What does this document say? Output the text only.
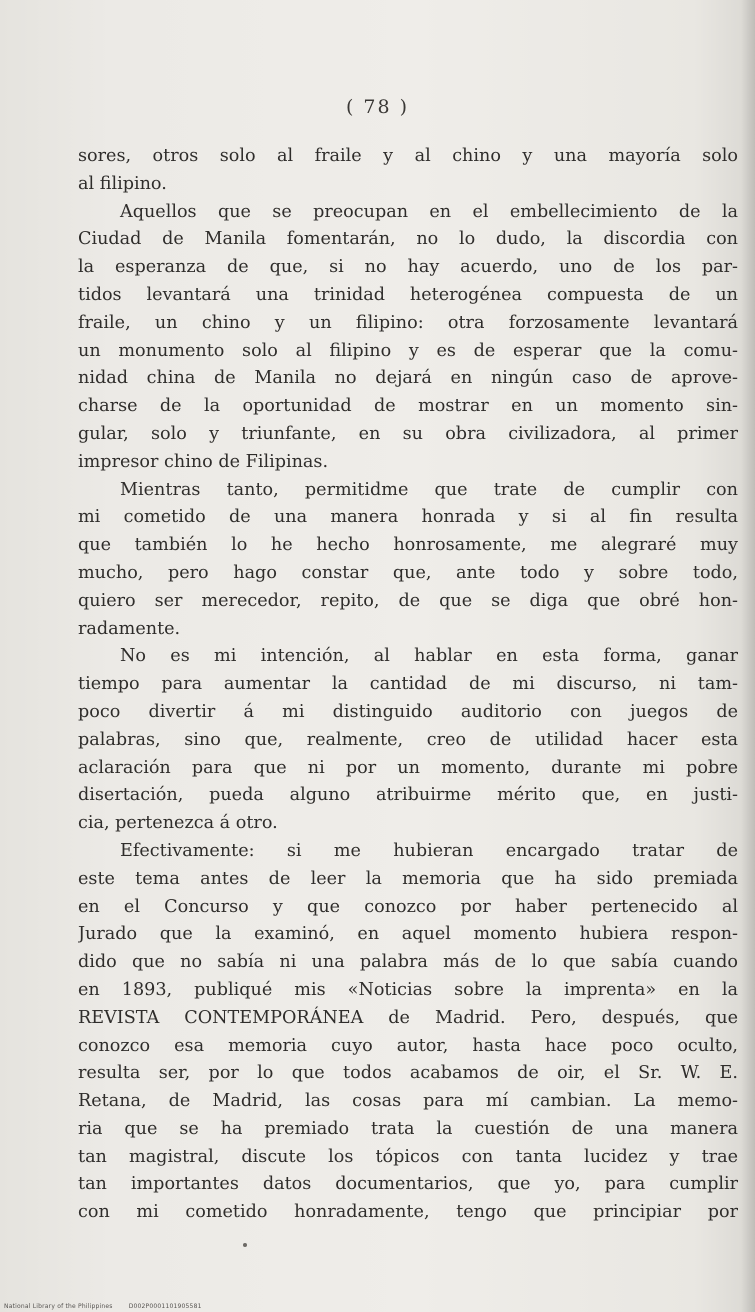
( 78 )
sores, otros solo al fraile y al chino y una mayoría solo
al filipino.
Aquellos que se preocupan en el embellecimiento de la
Ciudad de Manila fomentarán, no lo dudo, la discordia con
la esperanza de que, si no hay acuerdo, uno de los par-
tidos levantará una trinidad heterogénea compuesta de un
fraile, un chino y un filipino: otra forzosamente levantará
un monumento solo al filipino y es de esperar que la comu-
nidad china de Manila no dejará en ningún caso de aprove-
charse de la oportunidad de mostrar en un momento sin-
gular, solo y triunfante, en su obra civilizadora, al primer
impresor chino de Filipinas.
Mientras tanto, permitidme que trate de cumplir con
mi cometido de una manera honrada y si al fin resulta
que también lo he hecho honrosamente, me alegraré muy
mucho, pero hago constar que, ante todo y sobre todo,
quiero ser merecedor, repito, de que se diga que obré hon-
radamente.
No es mi intención, al hablar en esta forma, ganar
tiempo para aumentar la cantidad de mi discurso, ni tam-
poco divertir á mi distinguido auditorio con juegos de
palabras, sino que, realmente, creo de utilidad hacer esta
aclaración para que ni por un momento, durante mi pobre
disertación, pueda alguno atribuirme mérito que, en justi-
cia, pertenezca á otro.
Efectivamente: si me hubieran encargado tratar de
este tema antes de leer la memoria que ha sido premiada
en el Concurso y que conozco por haber pertenecido al
Jurado que la examinó, en aquel momento hubiera respon-
dido que no sabía ni una palabra más de lo que sabía cuando
en 1893, publiqué mis «Noticias sobre la imprenta» en la
REVISTA CONTEMPORÁNEA de Madrid. Pero, después, que
conozco esa memoria cuyo autor, hasta hace poco oculto,
resulta ser, por lo que todos acabamos de oir, el Sr. W. E.
Retana, de Madrid, las cosas para mí cambian. La memo-
ria que se ha premiado trata la cuestión de una manera
tan magistral, discute los tópicos con tanta lucidez y trae
tan importantes datos documentarios, que yo, para cumplir
con mi cometido honradamente, tengo que principiar por
National Library of the Philippines	D002P0001101905581
